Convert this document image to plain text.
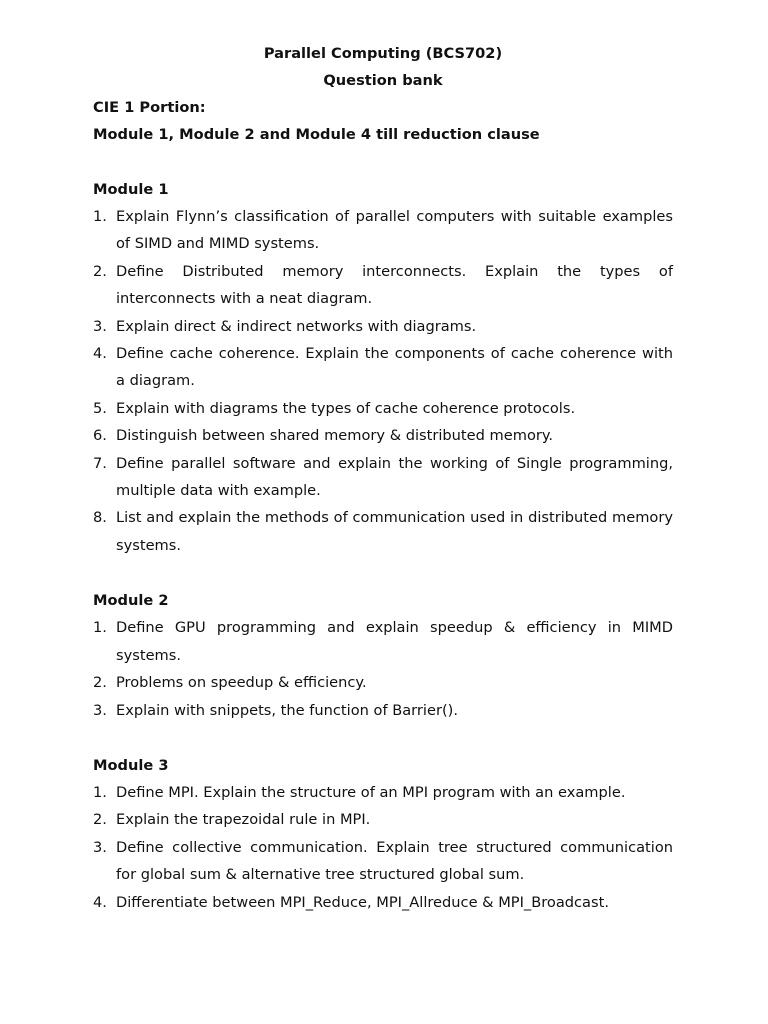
Parallel Computing (BCS702)
Question bank
CIE 1 Portion:
Module 1, Module 2 and Module 4 till reduction clause
Module 1
1. Explain Flynn’s classification of parallel computers with suitable examples of SIMD and MIMD systems.
2. Define Distributed memory interconnects. Explain the types of interconnects with a neat diagram.
3. Explain direct & indirect networks with diagrams.
4. Define cache coherence. Explain the components of cache coherence with a diagram.
5. Explain with diagrams the types of cache coherence protocols.
6. Distinguish between shared memory & distributed memory.
7. Define parallel software and explain the working of Single programming, multiple data with example.
8. List and explain the methods of communication used in distributed memory systems.
Module 2
1. Define GPU programming and explain speedup & efficiency in MIMD systems.
2. Problems on speedup & efficiency.
3. Explain with snippets, the function of Barrier().
Module 3
1. Define MPI. Explain the structure of an MPI program with an example.
2. Explain the trapezoidal rule in MPI.
3. Define collective communication. Explain tree structured communication for global sum & alternative tree structured global sum.
4. Differentiate between MPI_Reduce, MPI_Allreduce & MPI_Broadcast.
